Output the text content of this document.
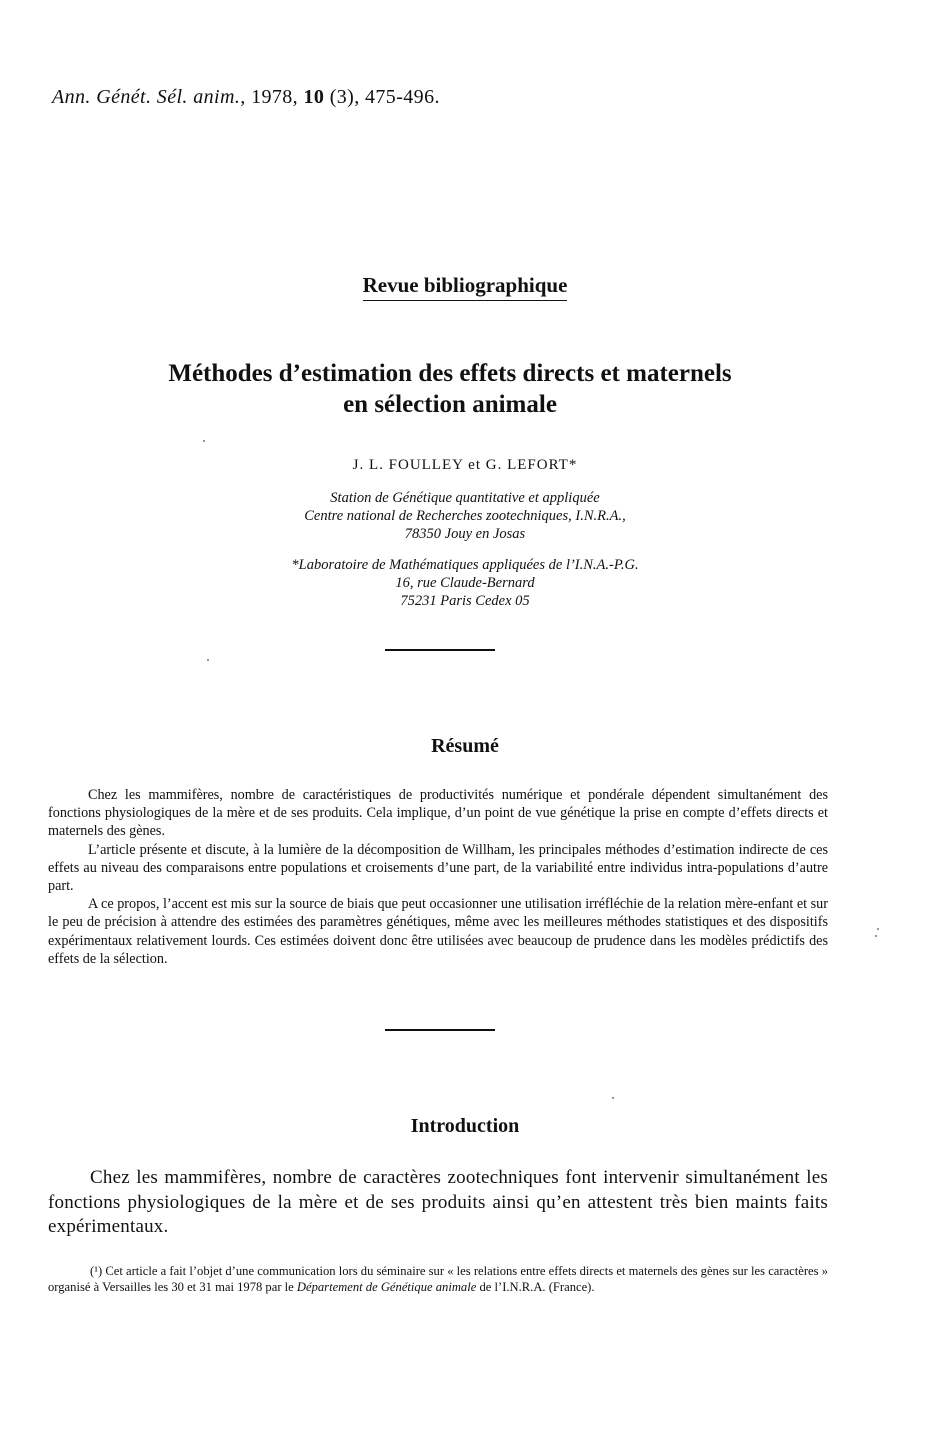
Ann. Génét. Sél. anim., 1978, 10 (3), 475-496.
Revue bibliographique
Méthodes d’estimation des effets directs et maternels
en sélection animale
J. L. FOULLEY et G. LEFORT*
Station de Génétique quantitative et appliquée
Centre national de Recherches zootechniques, I.N.R.A.,
78350 Jouy en Josas
*Laboratoire de Mathématiques appliquées de l’I.N.A.-P.G.
16, rue Claude-Bernard
75231 Paris Cedex 05
Résumé

Chez les mammifères, nombre de caractéristiques de productivités numérique et pondérale dépendent simultanément des fonctions physiologiques de la mère et de ses produits. Cela implique, d’un point de vue génétique la prise en compte d’effets directs et maternels des gènes.

L’article présente et discute, à la lumière de la décomposition de Willham, les principales méthodes d’estimation indirecte de ces effets au niveau des comparaisons entre populations et croisements d’une part, de la variabilité entre individus intra-populations d’autre part.

A ce propos, l’accent est mis sur la source de biais que peut occasionner une utilisation irréfléchie de la relation mère-enfant et sur le peu de précision à attendre des estimées des paramètres génétiques, même avec les meilleures méthodes statistiques et des dispositifs expérimentaux relativement lourds. Ces estimées doivent donc être utilisées avec beaucoup de prudence dans les modèles prédictifs des effets de la sélection.

Introduction

Chez les mammifères, nombre de caractères zootechniques font intervenir simultanément les fonctions physiologiques de la mère et de ses produits ainsi qu’en attestent très bien maints faits expérimentaux.

(¹) Cet article a fait l’objet d’une communication lors du séminaire sur « les relations entre effets directs et maternels des gènes sur les caractères » organisé à Versailles les 30 et 31 mai 1978 par le Département de Génétique animale de l’I.N.R.A. (France).
